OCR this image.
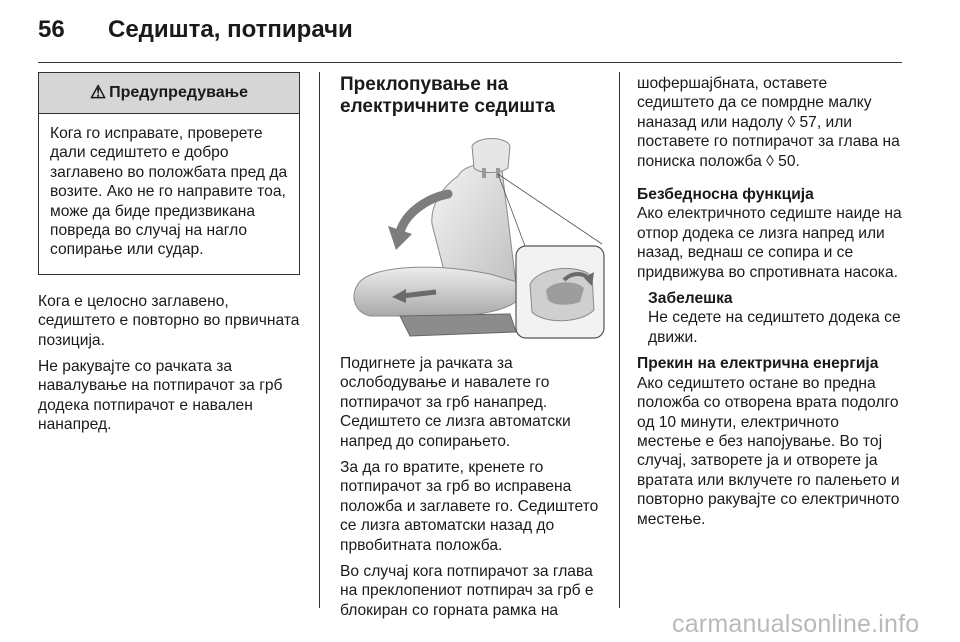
56	Седишта, потпирачи
⚠ Предупредување
Кога го исправате, проверете дали седиштето е добро заглавено во положбата пред да возите. Ако не го направите тоа, може да биде предизвикана повреда во случај на нагло сопирање или судар.

Кога е целосно заглавено, седиштето е повторно во првичната позиција.

Не ракувајте со рачката за навалување на потпирачот за грб додека потпирачот е навален нанапред.

Преклопување на електричните седишта

Подигнете ја рачката за ослободување и навалете го потпирачот за грб нанапред. Седиштето се лизга автоматски напред до сопирањето.

За да го вратите, кренете го потпирачот за грб во исправена положба и заглавете го. Седиштето се лизга автоматски назад до првобитната положба.

Во случај кога потпирачот за глава на преклопениот потпирач за грб е блокиран со горната рамка на

шофершајбната, оставете седиштето да се помрдне малку наназад или надолу ◊ 57, или поставете го потпирачот за глава на пониска положба ◊ 50.

Безбедносна функција

Ако електричното седиште наиде на отпор додека се лизга напред или назад, веднаш се сопира и се придвижува во спротивната насока.

Забелешка
Не седете на седиштето додека се движи.
Прекин на електрична енергија

Ако седиштето остане во предна положба со отворена врата подолго од 10 минути, електричното местење е без напојување. Во тој случај, затворете ја и отворете ја вратата или вклучете го палењето и повторно ракувајте со електричното местење.

carmanualsonline.info
